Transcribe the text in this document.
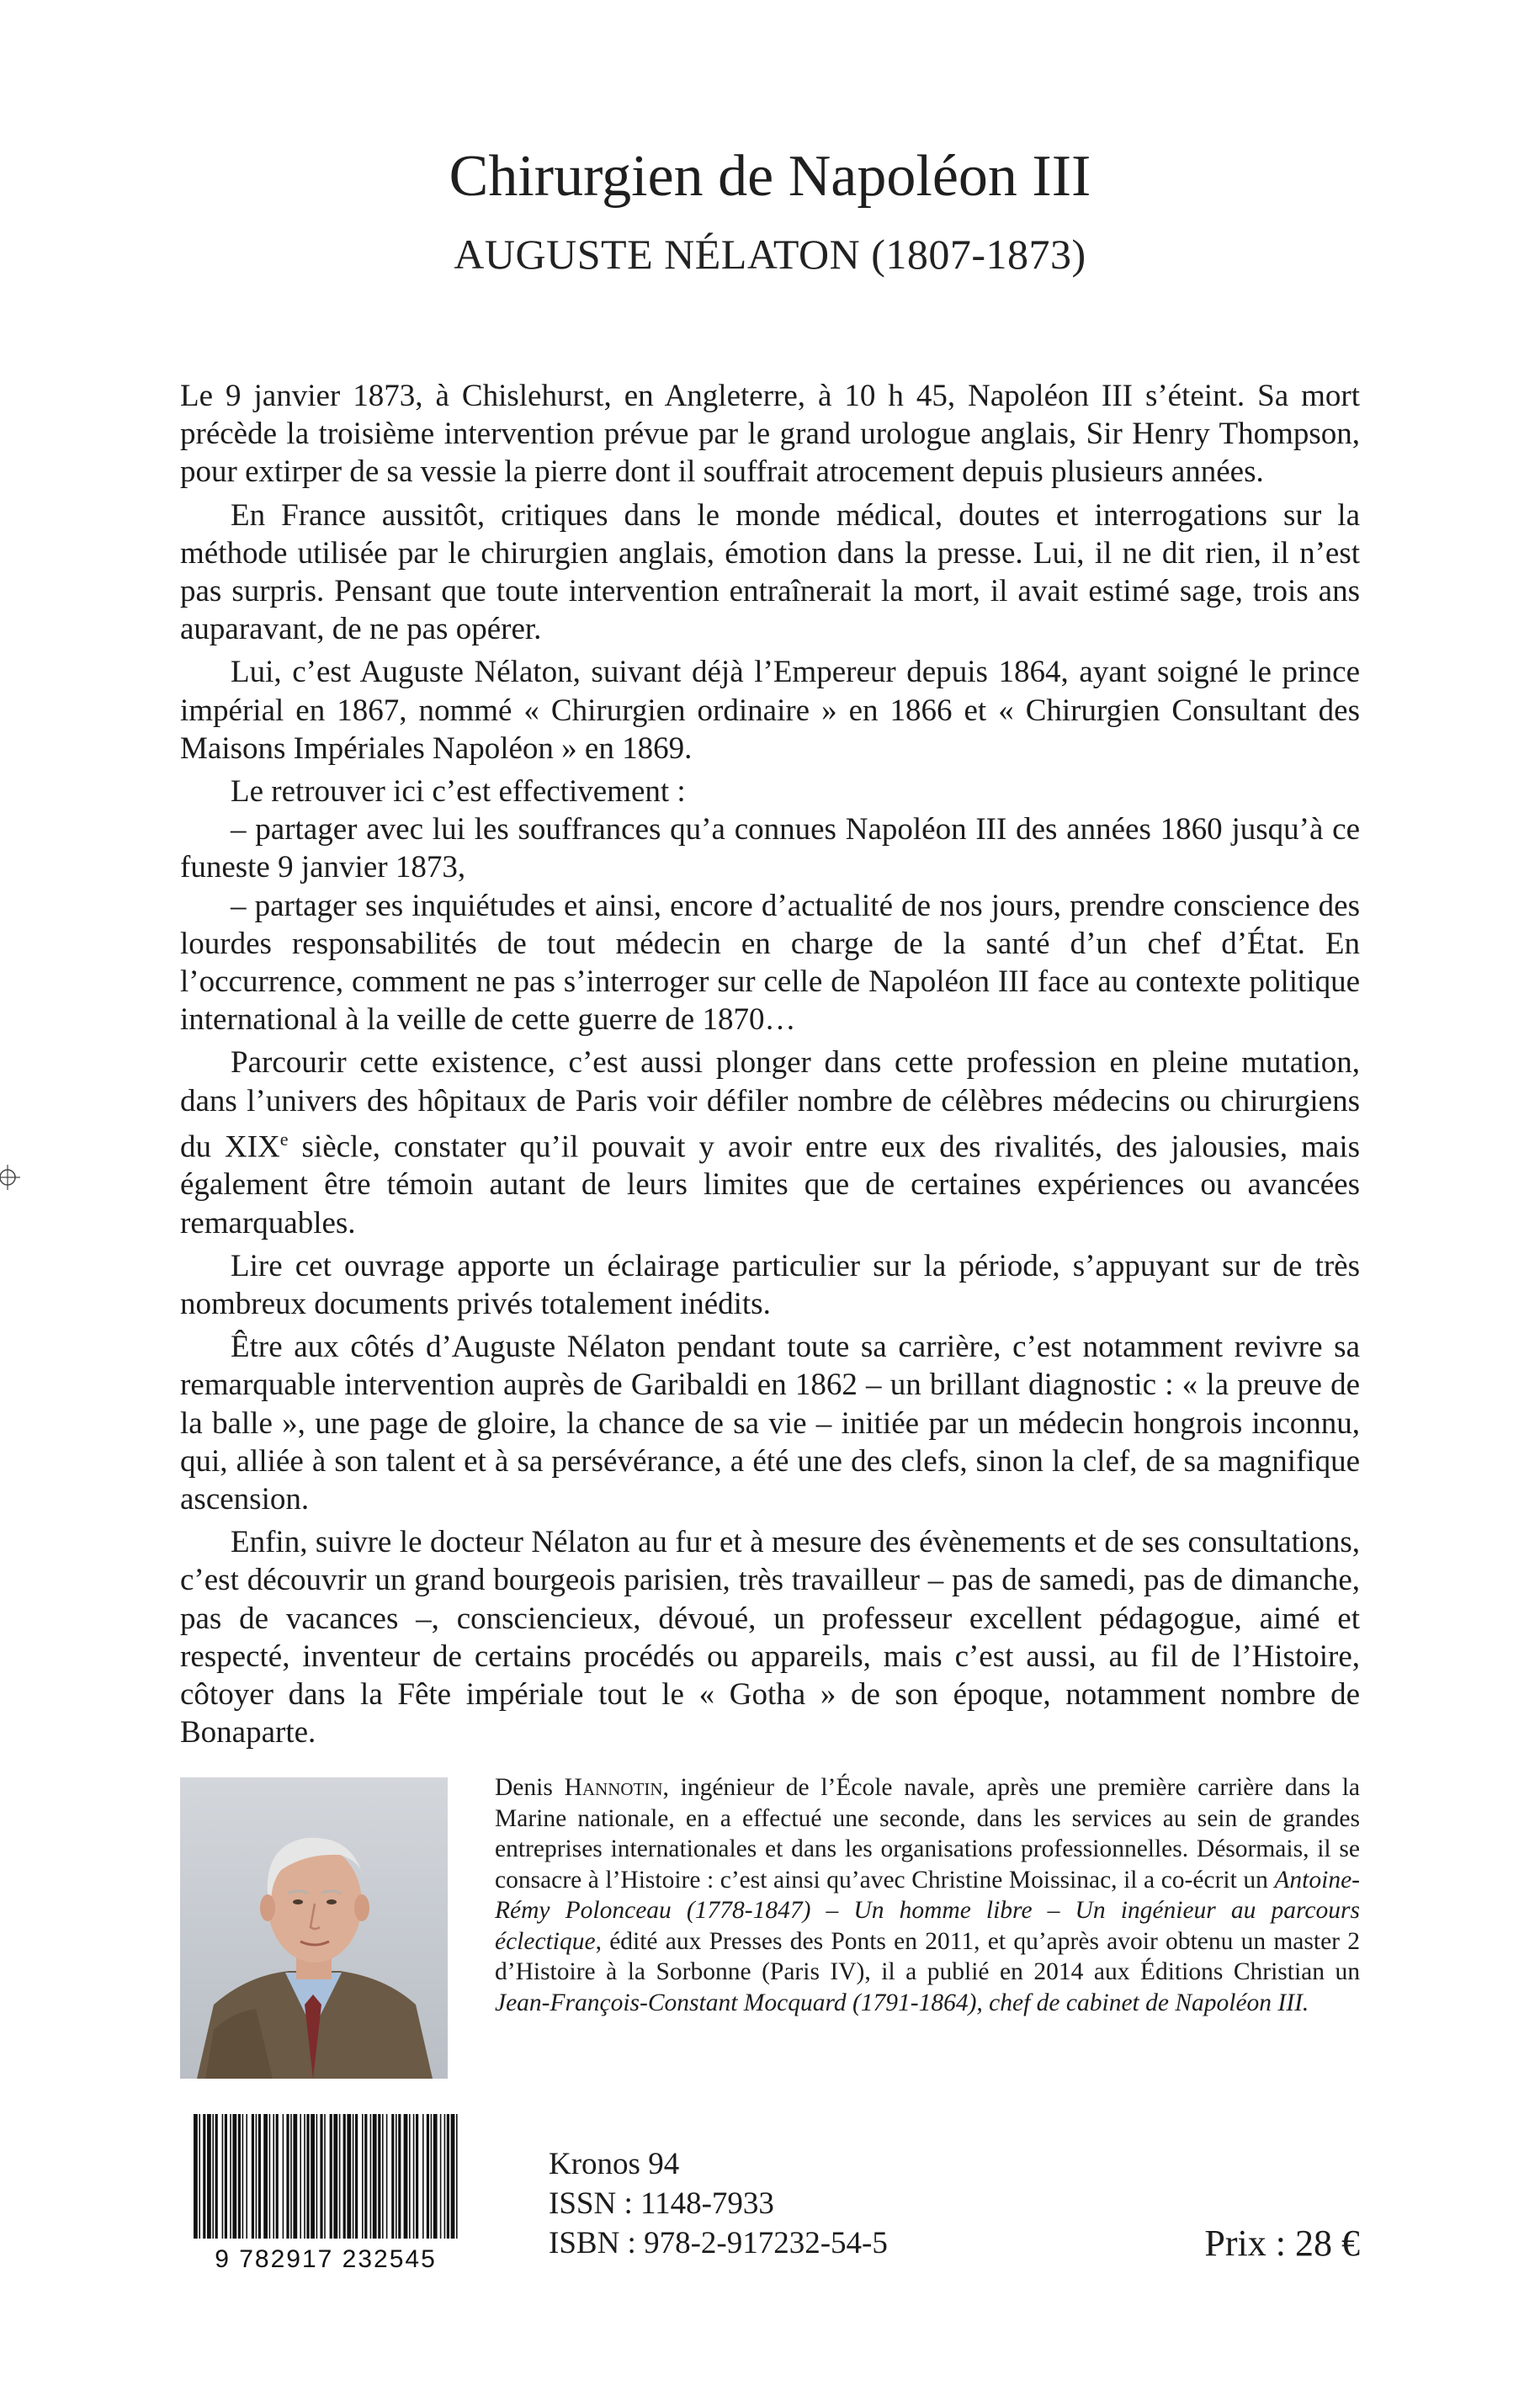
Chirurgien de Napoléon III
AUGUSTE NÉLATON (1807-1873)

Le 9 janvier 1873, à Chislehurst, en Angleterre, à 10 h 45, Napoléon III s’éteint. Sa mort précède la troisième intervention prévue par le grand urologue anglais, Sir Henry Thompson, pour extirper de sa vessie la pierre dont il souffrait atrocement depuis plusieurs années.

En France aussitôt, critiques dans le monde médical, doutes et interrogations sur la méthode utilisée par le chirurgien anglais, émotion dans la presse. Lui, il ne dit rien, il n’est pas surpris. Pensant que toute intervention entraînerait la mort, il avait estimé sage, trois ans auparavant, de ne pas opérer.

Lui, c’est Auguste Nélaton, suivant déjà l’Empereur depuis 1864, ayant soigné le prince impérial en 1867, nommé « Chirurgien ordinaire » en 1866 et « Chirurgien Consultant des Maisons Impériales Napoléon » en 1869.

Le retrouver ici c’est effectivement :

– partager avec lui les souffrances qu’a connues Napoléon III des années 1860 jusqu’à ce funeste 9 janvier 1873,

– partager ses inquiétudes et ainsi, encore d’actualité de nos jours, prendre conscience des lourdes responsabilités de tout médecin en charge de la santé d’un chef d’État. En l’occurrence, comment ne pas s’interroger sur celle de Napoléon III face au contexte politique international à la veille de cette guerre de 1870…

Parcourir cette existence, c’est aussi plonger dans cette profession en pleine mutation, dans l’univers des hôpitaux de Paris voir défiler nombre de célèbres médecins ou chirurgiens du XIXe siècle, constater qu’il pouvait y avoir entre eux des rivalités, des jalousies, mais également être témoin autant de leurs limites que de certaines expériences ou avancées remarquables.

Lire cet ouvrage apporte un éclairage particulier sur la période, s’appuyant sur de très nombreux documents privés totalement inédits.

Être aux côtés d’Auguste Nélaton pendant toute sa carrière, c’est notamment revivre sa remarquable intervention auprès de Garibaldi en 1862 – un brillant diagnostic : « la preuve de la balle », une page de gloire, la chance de sa vie – initiée par un médecin hongrois inconnu, qui, alliée à son talent et à sa persévérance, a été une des clefs, sinon la clef, de sa magnifique ascension.

Enfin, suivre le docteur Nélaton au fur et à mesure des évènements et de ses consultations, c’est découvrir un grand bourgeois parisien, très travailleur – pas de samedi, pas de dimanche, pas de vacances –, consciencieux, dévoué, un professeur excellent pédagogue, aimé et respecté, inventeur de certains procédés ou appareils, mais c’est aussi, au fil de l’Histoire, côtoyer dans la Fête impériale tout le « Gotha » de son époque, notamment nombre de Bonaparte.

Denis Hannotin, ingénieur de l’École navale, après une première carrière dans la Marine nationale, en a effectué une seconde, dans les services au sein de grandes entreprises internationales et dans les organisations professionnelles. Désormais, il se consacre à l’Histoire : c’est ainsi qu’avec Christine Moissinac, il a co-écrit un Antoine-Rémy Polonceau (1778-1847) – Un homme libre – Un ingénieur au parcours éclectique, édité aux Presses des Ponts en 2011, et qu’après avoir obtenu un master 2 d’Histoire à la Sorbonne (Paris IV), il a publié en 2014 aux Éditions Christian un Jean-François-Constant Mocquard (1791-1864), chef de cabinet de Napoléon III.

9 782917 232545
Kronos 94
ISSN : 1148-7933
ISBN : 978-2-917232-54-5	Prix : 28 €
